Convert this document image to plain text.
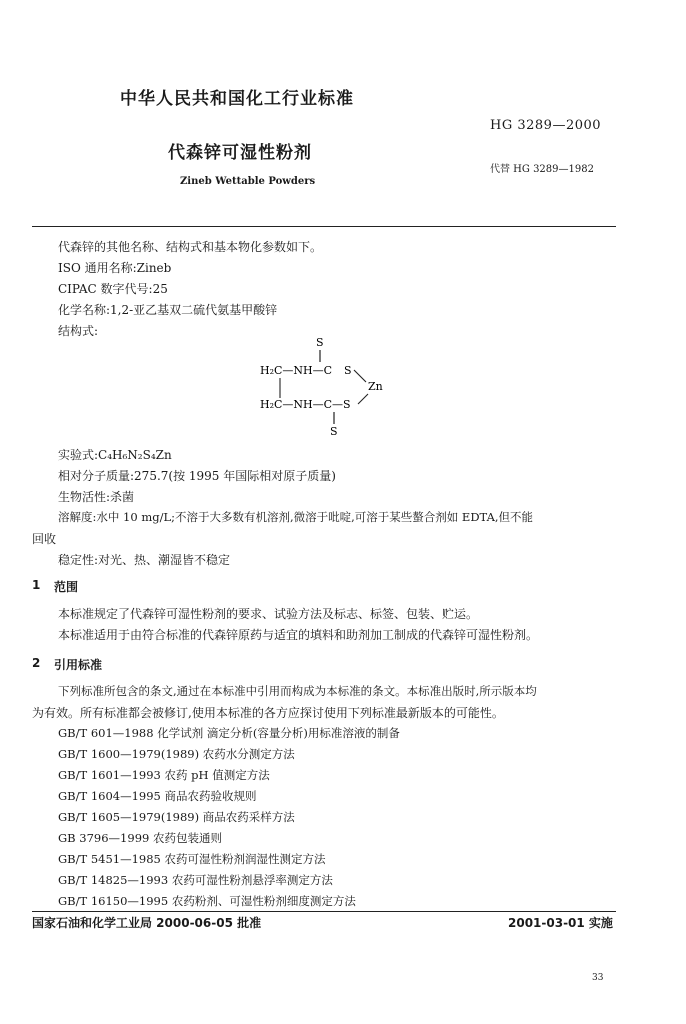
中华人民共和国化工行业标准
HG 3289—2000
代森锌可湿性粉剂
代替 HG 3289—1982
Zineb Wettable Powders
代森锌的其他名称、结构式和基本物化参数如下。
ISO 通用名称:Zineb
CIPAC 数字代号:25
化学名称:1,2-亚乙基双二硫代氨基甲酸锌
结构式:
S
H₂C—NH—C S
Zn
H₂C—NH—C—S
S
实验式:C₄H₆N₂S₄Zn
相对分子质量:275.7(按 1995 年国际相对原子质量)
生物活性:杀菌
溶解度:水中 10 mg/L;不溶于大多数有机溶剂,微溶于吡啶,可溶于某些螯合剂如 EDTA,但不能
回收
稳定性:对光、热、潮湿皆不稳定
1 范围
本标准规定了代森锌可湿性粉剂的要求、试验方法及标志、标签、包装、贮运。
本标准适用于由符合标准的代森锌原药与适宜的填料和助剂加工制成的代森锌可湿性粉剂。
2 引用标准
下列标准所包含的条文,通过在本标准中引用而构成为本标准的条文。本标准出版时,所示版本均
为有效。所有标准都会被修订,使用本标准的各方应探讨使用下列标准最新版本的可能性。
GB/T 601—1988 化学试剂 滴定分析(容量分析)用标准溶液的制备
GB/T 1600—1979(1989) 农药水分测定方法
GB/T 1601—1993 农药 pH 值测定方法
GB/T 1604—1995 商品农药验收规则
GB/T 1605—1979(1989) 商品农药采样方法
GB 3796—1999 农药包装通则
GB/T 5451—1985 农药可湿性粉剂润湿性测定方法
GB/T 14825—1993 农药可湿性粉剂悬浮率测定方法
GB/T 16150—1995 农药粉剂、可湿性粉剂细度测定方法
国家石油和化学工业局 2000-06-05 批准	2001-03-01 实施
33
